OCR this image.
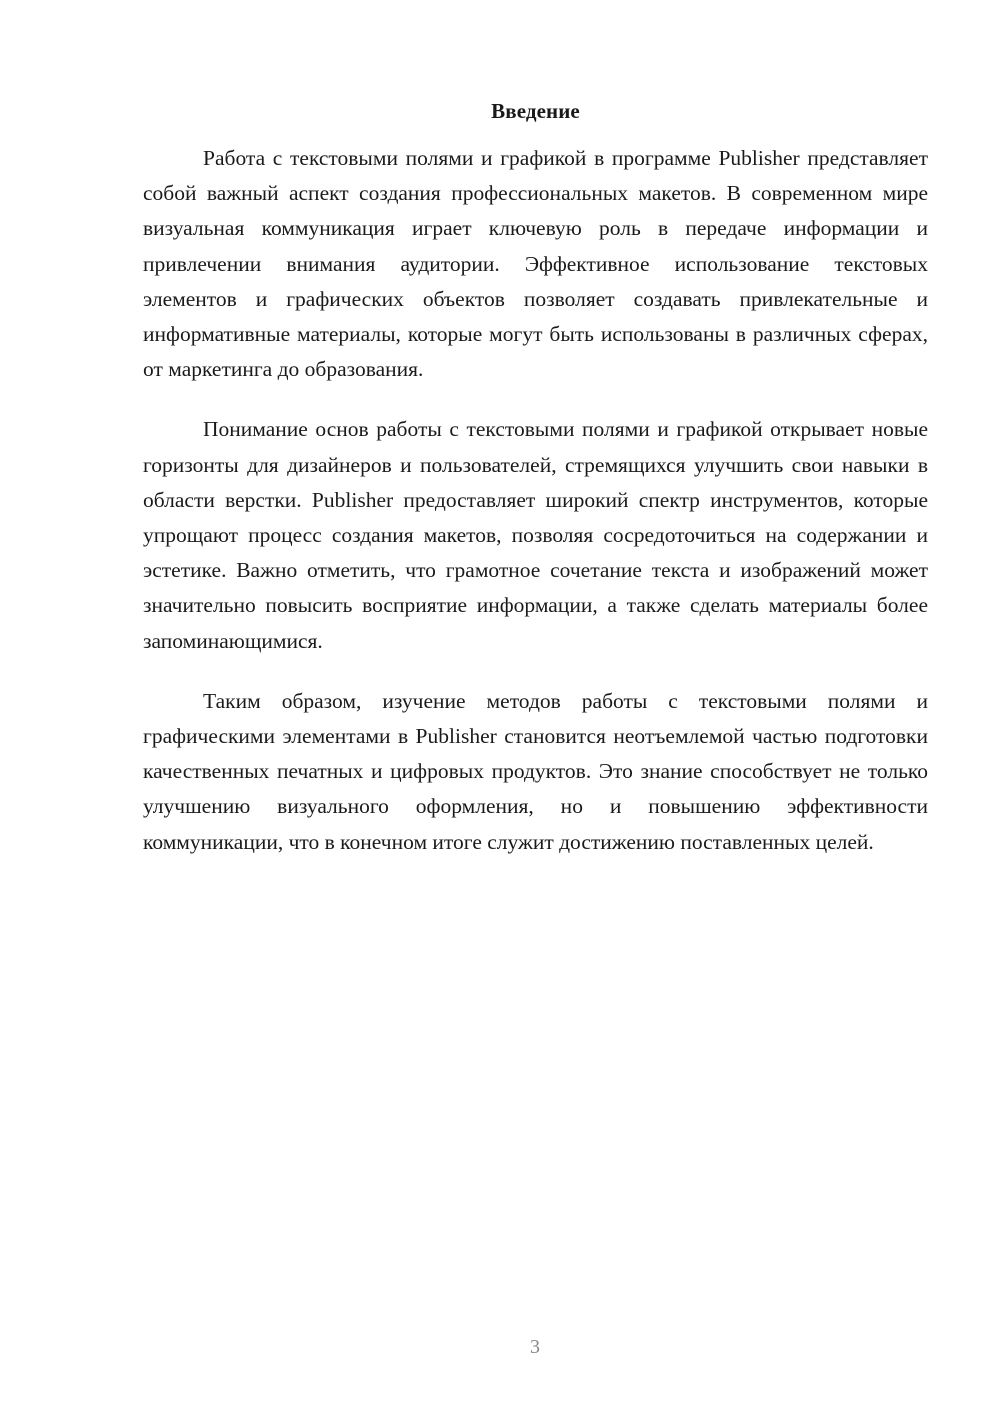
Введение

Работа с текстовыми полями и графикой в программе Publisher представляет собой важный аспект создания профессиональных макетов. В современном мире визуальная коммуникация играет ключевую роль в передаче информации и привлечении внимания аудитории. Эффективное использование текстовых элементов и графических объектов позволяет создавать привлекательные и информативные материалы, которые могут быть использованы в различных сферах, от маркетинга до образования.

Понимание основ работы с текстовыми полями и графикой открывает новые горизонты для дизайнеров и пользователей, стремящихся улучшить свои навыки в области верстки. Publisher предоставляет широкий спектр инструментов, которые упрощают процесс создания макетов, позволяя сосредоточиться на содержании и эстетике. Важно отметить, что грамотное сочетание текста и изображений может значительно повысить восприятие информации, а также сделать материалы более запоминающимися.

Таким образом, изучение методов работы с текстовыми полями и графическими элементами в Publisher становится неотъемлемой частью подготовки качественных печатных и цифровых продуктов. Это знание способствует не только улучшению визуального оформления, но и повышению эффективности коммуникации, что в конечном итоге служит достижению поставленных целей.

3
